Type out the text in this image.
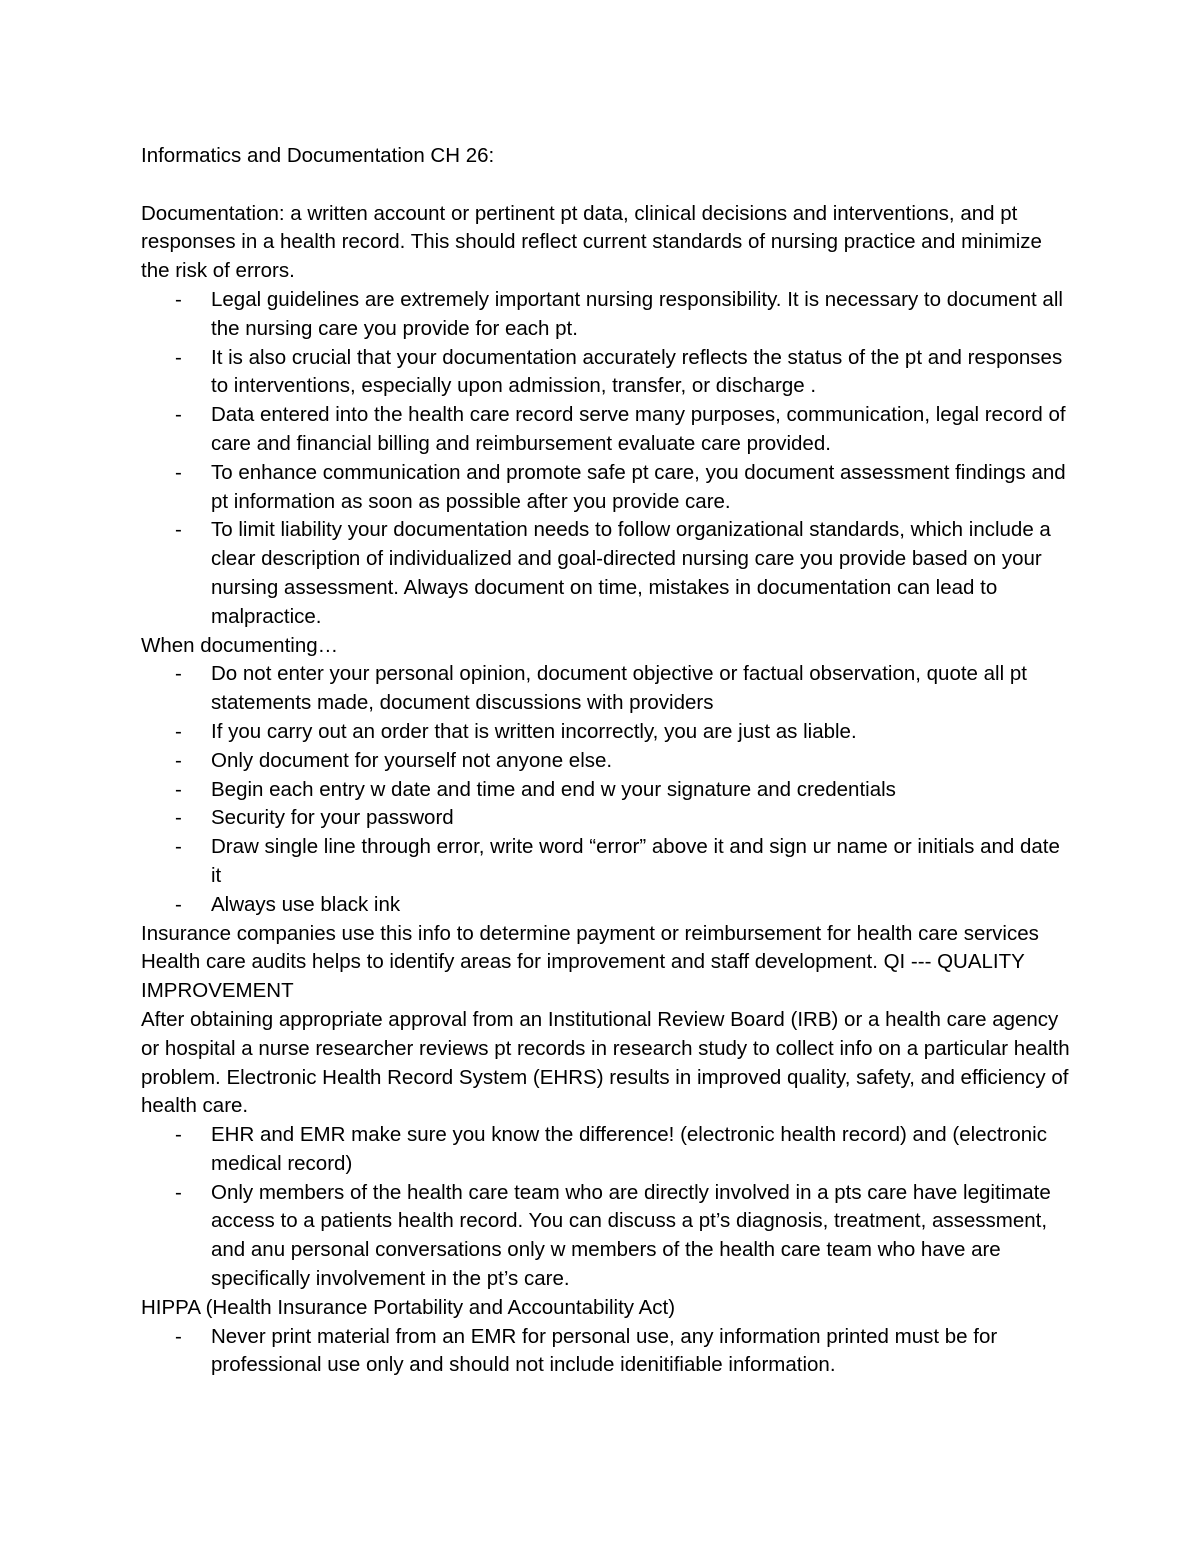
Informatics and Documentation CH 26:

Documentation: a written account or pertinent pt data, clinical decisions and interventions, and pt responses in a health record. This should reflect current standards of nursing practice and minimize the risk of errors.

- Legal guidelines are extremely important nursing responsibility. It is necessary to document all the nursing care you provide for each pt.
- It is also crucial that your documentation accurately reflects the status of the pt and responses to interventions, especially upon admission, transfer, or discharge .
- Data entered into the health care record serve many purposes, communication, legal record of care and financial billing and reimbursement evaluate care provided.
- To enhance communication and promote safe pt care, you document assessment findings and pt information as soon as possible after you provide care.
- To limit liability your documentation needs to follow organizational standards, which include a clear description of individualized and goal-directed nursing care you provide based on your nursing assessment. Always document on time, mistakes in documentation can lead to malpractice.

When documenting…

- Do not enter your personal opinion, document objective or factual observation, quote all pt statements made, document discussions with providers
- If you carry out an order that is written incorrectly, you are just as liable.
- Only document for yourself not anyone else.
- Begin each entry w date and time and end w your signature and credentials
- Security for your password
- Draw single line through error, write word “error” above it and sign ur name or initials and date it
- Always use black ink

Insurance companies use this info to determine payment or reimbursement for health care services

Health care audits helps to identify areas for improvement and staff development. QI --- QUALITY IMPROVEMENT

After obtaining appropriate approval from an Institutional Review Board (IRB) or a health care agency or hospital a nurse researcher reviews pt records in research study to collect info on a particular health problem. Electronic Health Record System (EHRS) results in improved quality, safety, and efficiency of health care.

- EHR and EMR make sure you know the difference! (electronic health record) and (electronic medical record)
- Only members of the health care team who are directly involved in a pts care have legitimate access to a patients health record. You can discuss a pt’s diagnosis, treatment, assessment, and anu personal conversations only w members of the health care team who have are specifically involvement in the pt’s care.

HIPPA (Health Insurance Portability and Accountability Act)

- Never print material from an EMR for personal use, any information printed must be for professional use only and should not include idenitifiable information.
